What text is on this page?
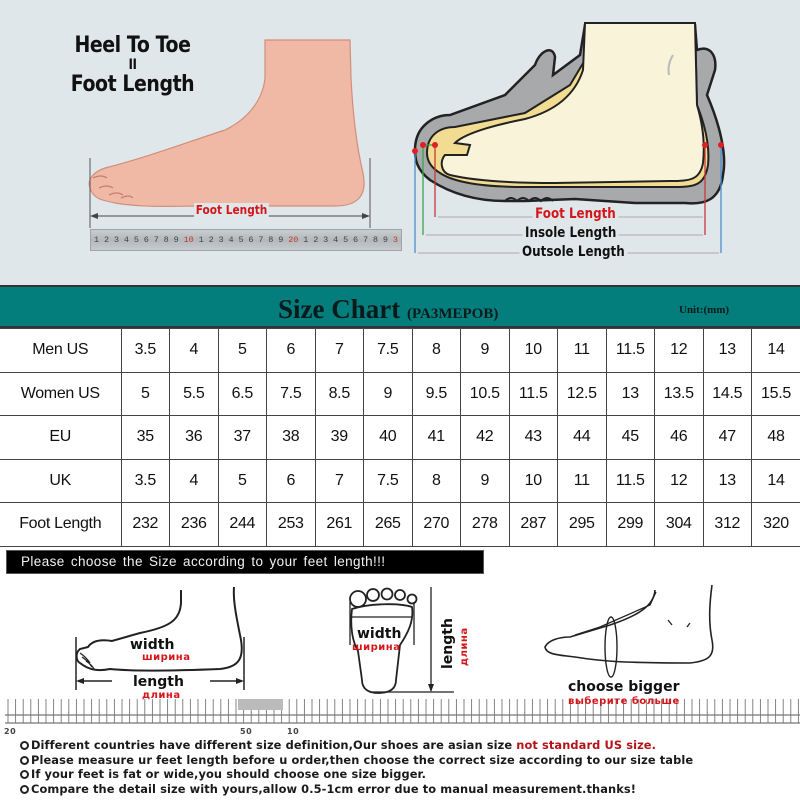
Heel To Toe
II
Foot Length
Foot Length
1 2 3 4 5 6 7 8 9 10 1 2 3 4 5 6 7 8 9 20 1 2 3 4 5 6 7 8 9 3
Foot Length
Insole Length
Outsole Length
Size Chart (PA3MEPOB)	Unit:(mm)
Men US	3.5	4	5	6	7	7.5	8	9	10	11	11.5	12	13	14
Women US	5	5.5	6.5	7.5	8.5	9	9.5	10.5	11.5	12.5	13	13.5	14.5	15.5
EU	35	36	37	38	39	40	41	42	43	44	45	46	47	48
UK	3.5	4	5	6	7	7.5	8	9	10	11	11.5	12	13	14
Foot Length	232	236	244	253	261	265	270	278	287	295	299	304	312	320
Please choose the Size according to your feet length!!!
width
ширина
length
длина
20	50	10
width
ширина	length длина
choose bigger
выберите больше
Different countries have different size definition,Our shoes are asian size not standard US size.
Please measure ur feet length before u order,then choose the correct size according to our size table
If your feet is fat or wide,you should choose one size bigger.
Compare the detail size with yours,allow 0.5-1cm error due to manual measurement.thanks!
